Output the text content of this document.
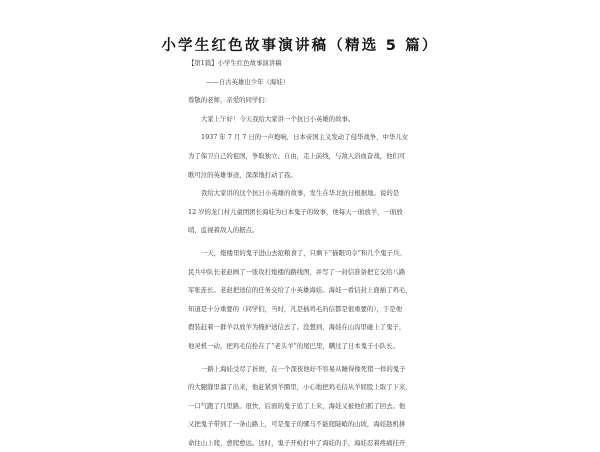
小学生红色故事演讲稿（精选 5 篇）
【第1篇】小学生红色故事演讲稿
——自古英雄出少年（海娃）
尊敬的老师，亲爱的同学们：
大家上午好！今天我给大家讲一个抗日小英雄的故事。
1937 年 7 月 7 日的一声炮响，日本帝国主义发动了侵华战争，中华儿女
为了保卫自己的祖国，争取独立、自由，走上前线，与敌人浴血奋战，他们可
歌可泣的英雄事迹，深深地打动了我。
我给大家讲的这个抗日小英雄的故事，发生在华北抗日根据地。说的是
12 岁的龙门村儿童团团长海娃为日本鬼子的故事，他每天一面放羊，一面放
哨，监视着敌人的据点。
一天，炮楼里的鬼子进山去抢粮食了，只剩下“猫眼司令”和几个鬼子兵。
民兵中队长老赵画了一张攻打炮楼的路线图，并写了一封信准备把它交给八路
军张连长。老赵把送信的任务交给了小英雄海娃。海娃一看信封上面插了鸡毛，
知道是十分重要的（同学们，当时，凡是插鸡毛的信都是很重要的），于是他
假装赶着一群羊以放羊为掩护送信去了。没想到，海娃在山沟里碰上了鬼子，
他灵机一动，把鸡毛信拴在了“老头羊”的尾巴里，瞒过了日本鬼子小队长。
一路上海娃受尽了折磨，在一个深夜他好不容易从睡得像死猪一样的鬼子
的大腿缝里溜了出来，他赶紧到羊圈里，小心地把鸡毛信从羊屁股上取了下来，
一口气跑了几里路。很快，后面的鬼子追了上来，海娃又被他们抓了回去。他
又把鬼子带到了一条山路上，可是鬼子的骡马不能爬陡峭的山坡，海娃趁机拼
命往山上爬，愈爬愈远。这时，鬼子开枪打中了海娃的手，海娃忍着疼痛挂开
